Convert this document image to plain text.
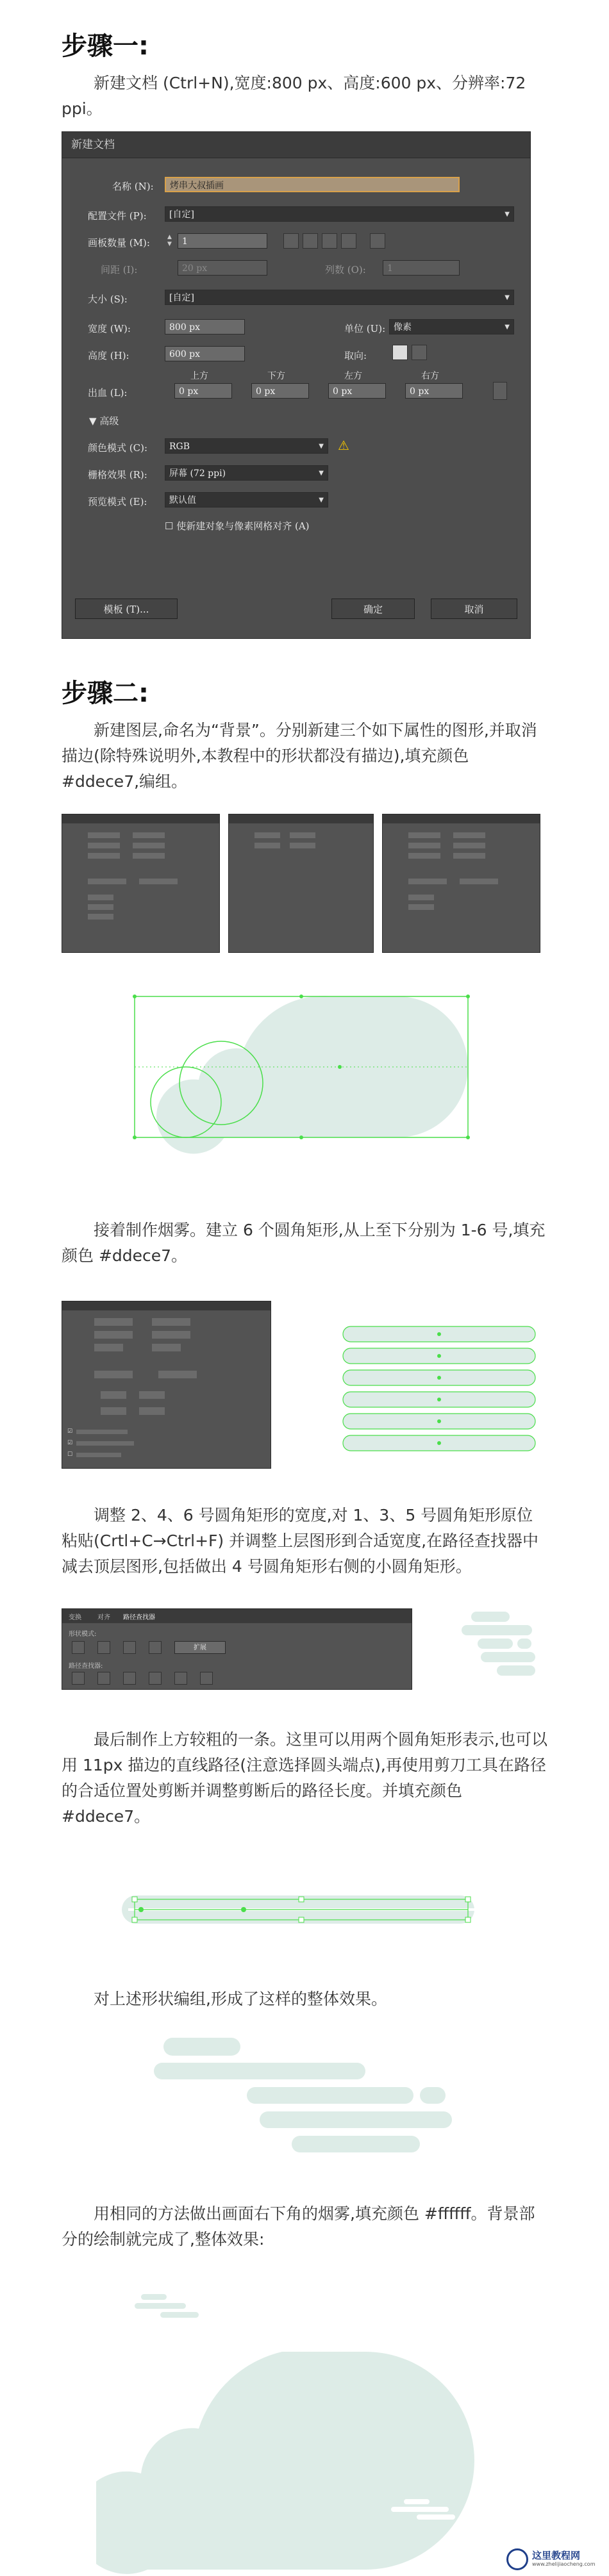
步骤一:
新建文档 (Ctrl+N),宽度:800 px、高度:600 px、分辨率:72 ppi。
新建文档
名称 (N):	烤串大叔插画
配置文件 (P):	[自定]	▼
画板数量 (M):	1
▲
▼
间距 (I):	20 px	列数 (O):	1
大小 (S):	[自定]	▼
宽度 (W):	800 px	单位 (U): 像素	▼
高度 (H):	600 px	取向:
上方	下方	左方	右方
出血 (L):	0 px	0 px	0 px	0 px
▼ 高级
颜色模式 (C):	RGB	▼ ⚠
栅格效果 (R):	屏幕 (72 ppi)	▼
预览模式 (E):	默认值	▼
☐ 使新建对象与像素网格对齐 (A)
模板 (T)...	确定	取消
步骤二:
新建图层,命名为“背景”。分别新建三个如下属性的图形,并取消描边(除特殊说明外,本教程中的形状都没有描边),填充颜色 #ddece7,编组。
接着制作烟雾。建立 6 个圆角矩形,从上至下分别为 1-6 号,填充颜色 #ddece7。
☑
☑
☐
调整 2、4、6 号圆角矩形的宽度,对 1、3、5 号圆角矩形原位粘贴(Crtl+C→Ctrl+F) 并调整上层图形到合适宽度,在路径查找器中减去顶层图形,包括做出 4 号圆角矩形右侧的小圆角矩形。
变换	对齐 路径查找器
形状模式:
扩展
路径查找器:
最后制作上方较粗的一条。这里可以用两个圆角矩形表示,也可以用 11px 描边的直线路径(注意选择圆头端点),再使用剪刀工具在路径的合适位置处剪断并调整剪断后的路径长度。并填充颜色 #ddece7。
对上述形状编组,形成了这样的整体效果。
用相同的方法做出画面右下角的烟雾,填充颜色 #ffffff。背景部分的绘制就完成了,整体效果:
这里教程网
www.zhelijiaocheng.com
